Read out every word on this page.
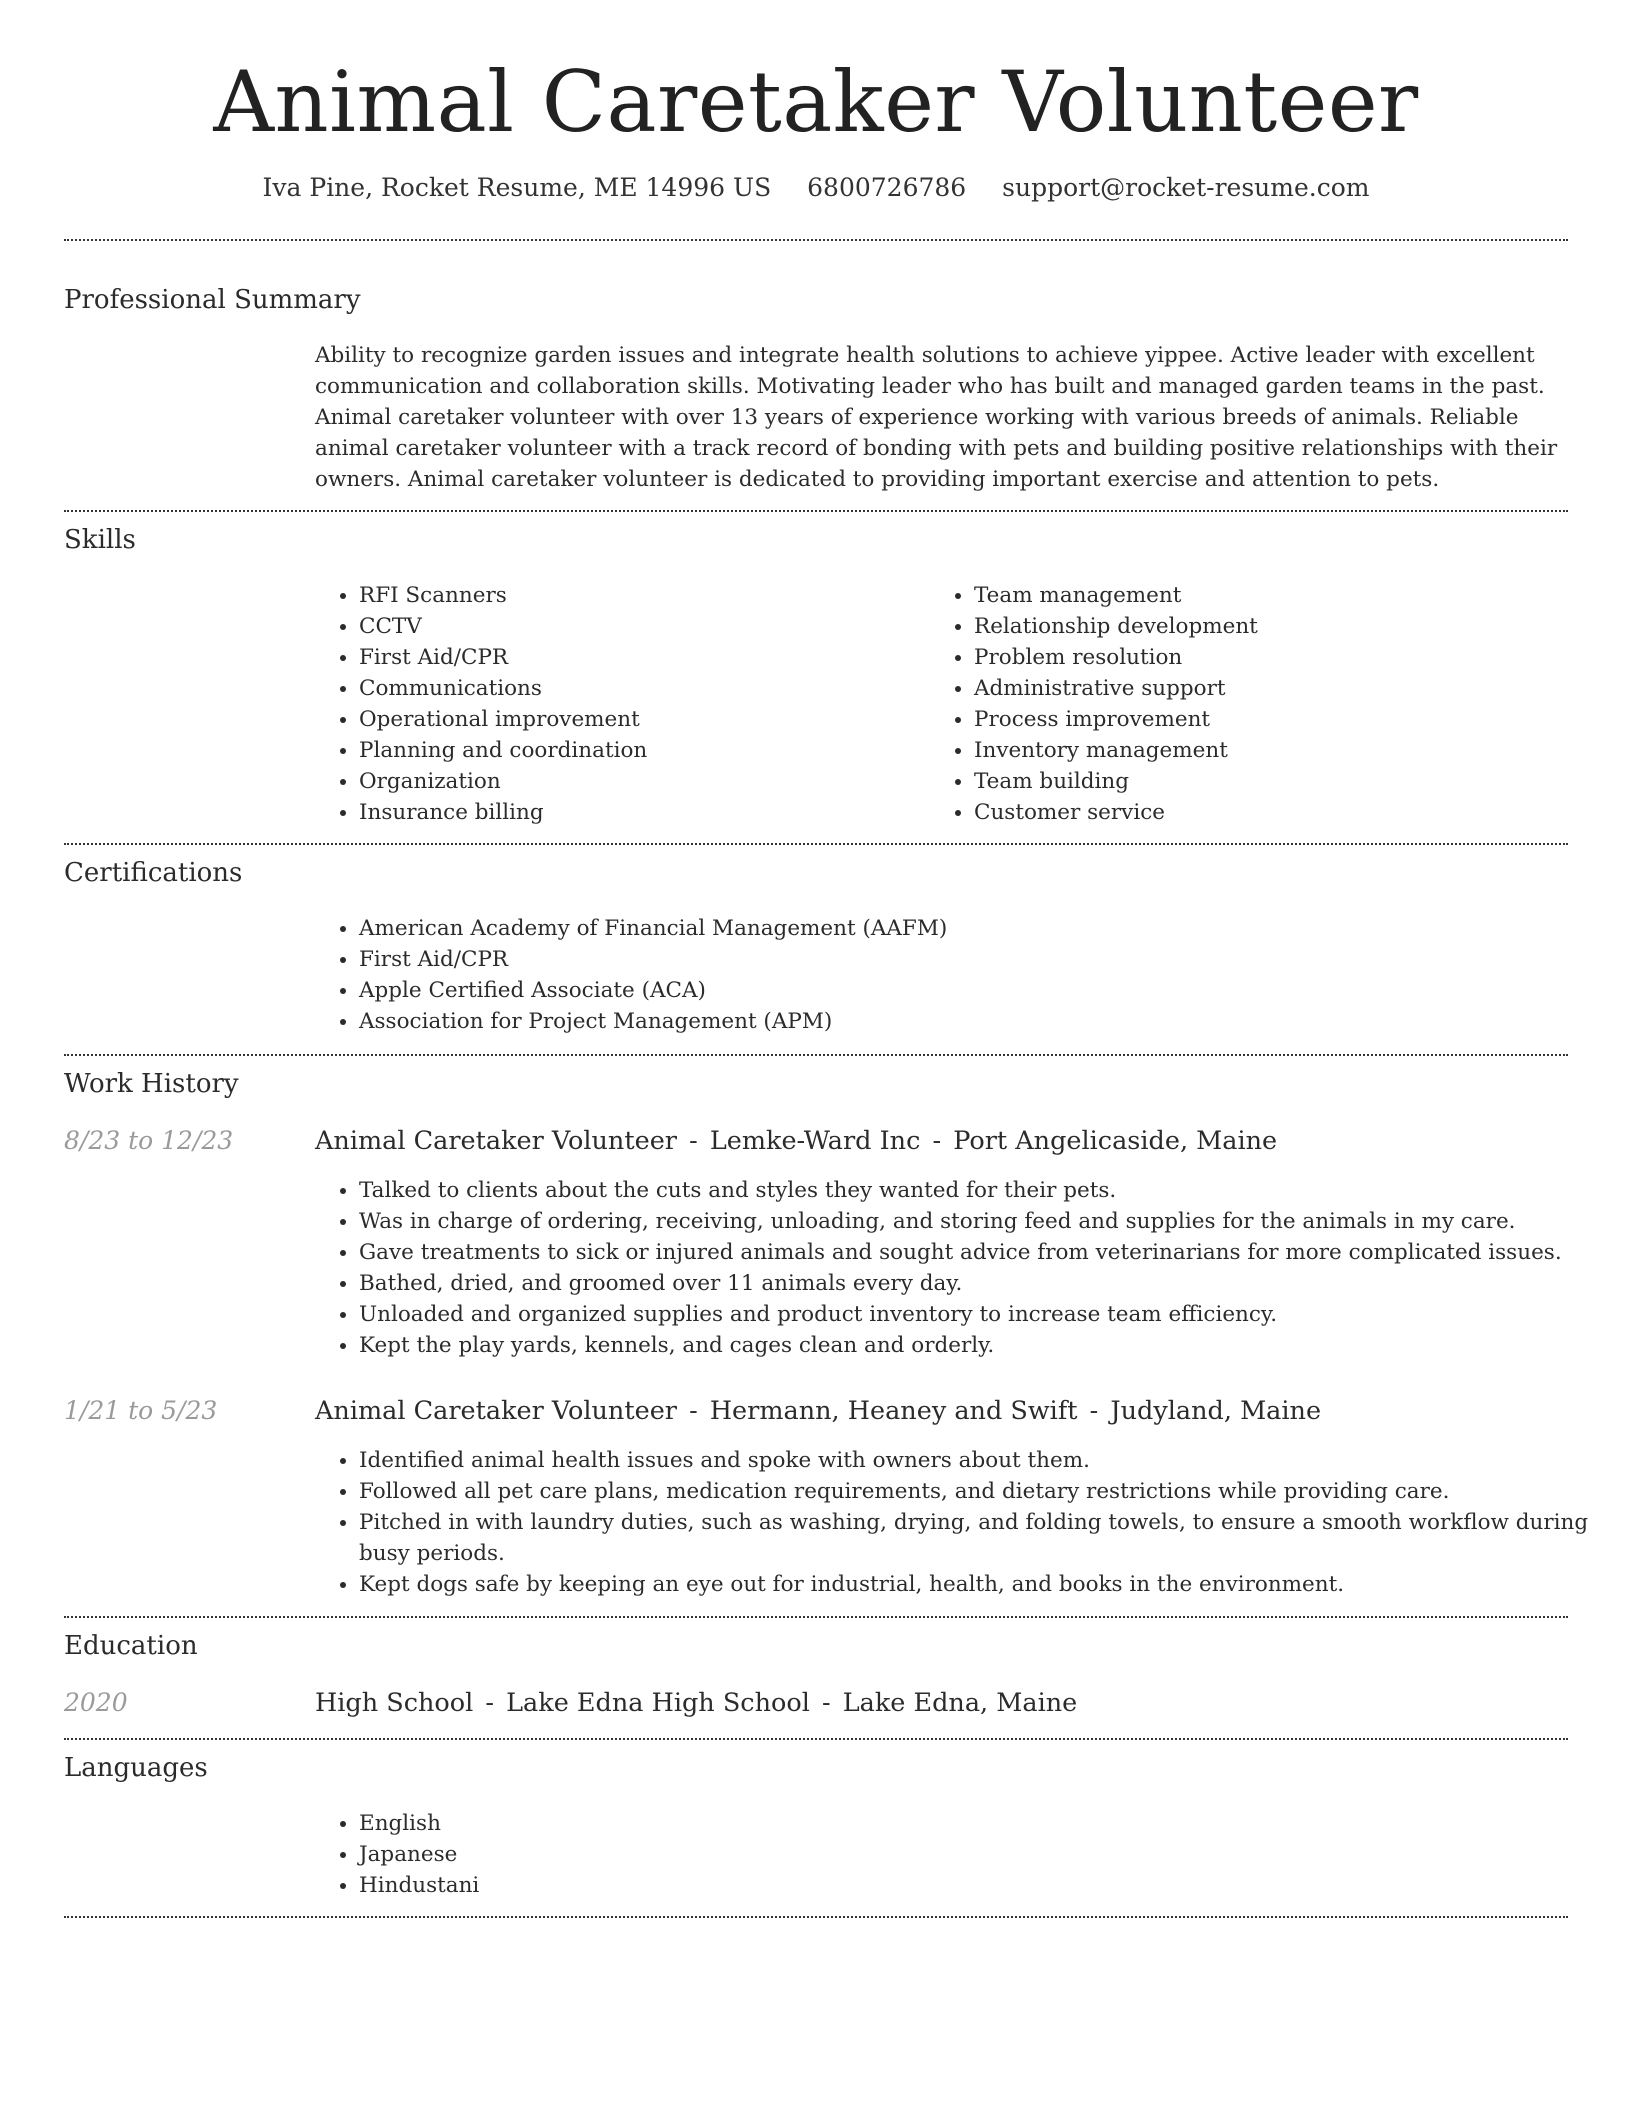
Animal Caretaker Volunteer
Iva Pine, Rocket Resume, ME 14996 US 6800726786 support@rocket-resume.com
Professional Summary
Ability to recognize garden issues and integrate health solutions to achieve yippee. Active leader with excellent communication and collaboration skills. Motivating leader who has built and managed garden teams in the past. Animal caretaker volunteer with over 13 years of experience working with various breeds of animals. Reliable animal caretaker volunteer with a track record of bonding with pets and building positive relationships with their owners. Animal caretaker volunteer is dedicated to providing important exercise and attention to pets.
Skills
• RFI Scanners
• CCTV
• First Aid/CPR
• Communications
• Operational improvement
• Planning and coordination
• Organization
• Insurance billing
• Team management
• Relationship development
• Problem resolution
• Administrative support
• Process improvement
• Inventory management
• Team building
• Customer service
Certifications
• American Academy of Financial Management (AAFM)
• First Aid/CPR
• Apple Certified Associate (ACA)
• Association for Project Management (APM)
Work History
8/23 to 12/23	Animal Caretaker Volunteer - Lemke-Ward Inc - Port Angelicaside, Maine
• Talked to clients about the cuts and styles they wanted for their pets.
• Was in charge of ordering, receiving, unloading, and storing feed and supplies for the animals in my care.
• Gave treatments to sick or injured animals and sought advice from veterinarians for more complicated issues.
• Bathed, dried, and groomed over 11 animals every day.
• Unloaded and organized supplies and product inventory to increase team efficiency.
• Kept the play yards, kennels, and cages clean and orderly.
1/21 to 5/23	Animal Caretaker Volunteer - Hermann, Heaney and Swift - Judyland, Maine
• Identified animal health issues and spoke with owners about them.
• Followed all pet care plans, medication requirements, and dietary restrictions while providing care.
• Pitched in with laundry duties, such as washing, drying, and folding towels, to ensure a smooth workflow during busy periods.
• Kept dogs safe by keeping an eye out for industrial, health, and books in the environment.
Education
2020	High School - Lake Edna High School - Lake Edna, Maine
Languages
• English
• Japanese
• Hindustani
